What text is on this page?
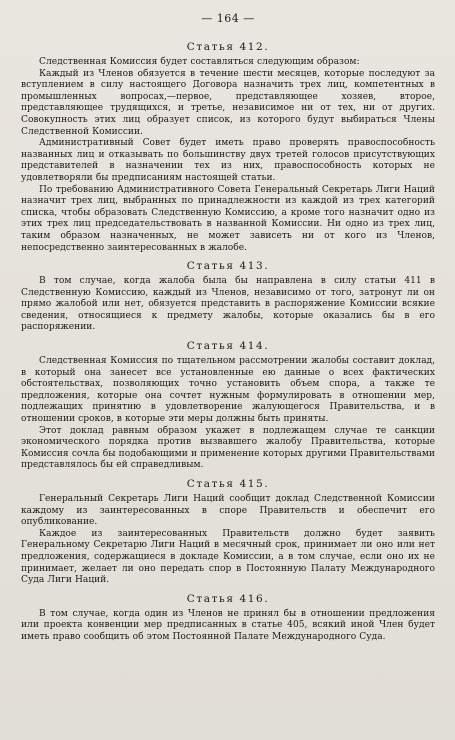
— 164 —
Статья 412.

Следственная Комиссия будет составляться следующим образом:

Каждый из Членов обязуется в течение шести месяцев, которые последуют за вступлением в силу настоящего Договора назначить трех лиц, компетентных в промышленных вопросах,—первое, представляющее хозяев, второе, представляющее трудящихся, и третье, независимое ни от тех, ни от других. Совокупность этих лиц образует список, из которого будут выбираться Члены Следственной Комиссии.

Административный Совет будет иметь право проверять правоспособность названных лиц и отказывать по большинству двух третей голосов присутствующих представителей в назначении тех из них, правоспособность которых не удовлетворяли бы предписаниям настоящей статьи.

По требованию Административного Совета Генеральный Секретарь Лиги Наций назначит трех лиц, выбранных по принадлежности из каждой из трех категорий списка, чтобы образовать Следственную Комиссию, а кроме того назначит одно из этих трех лиц председательствовать в названной Комиссии. Ни одно из трех лиц, таким образом назначенных, не может зависеть ни от кого из Членов, непосредственно заинтересованных в жалобе.

Статья 413.

В том случае, когда жалоба была бы направлена в силу статьи 411 в Следственную Комиссию, каждый из Членов, независимо от того, затронут ли он прямо жалобой или нет, обязуется представить в распоряжение Комиссии всякие сведения, относящиеся к предмету жалобы, которые оказались бы в его распоряжении.

Статья 414.

Следственная Комиссия по тщательном рассмотрении жалобы составит доклад, в который она занесет все установленные ею данные о всех фактических обстоятельствах, позволяющих точно установить объем спора, а также те предложения, которые она сочтет нужным формулировать в отношении мер, подлежащих принятию в удовлетворение жалующегося Правительства, и в отношении сроков, в которые эти меры должны быть приняты.

Этот доклад равным образом укажет в подлежащем случае те санкции экономического порядка против вызвавшего жалобу Правительства, которые Комиссия сочла бы подобающими и применение которых другими Правительствами представлялось бы ей справедливым.

Статья 415.

Генеральный Секретарь Лиги Наций сообщит доклад Следственной Комиссии каждому из заинтересованных в споре Правительств и обеспечит его опубликование.

Каждое из заинтересованных Правительств должно будет заявить Генеральному Секретарю Лиги Наций в месячный срок, принимает ли оно или нет предложения, содержащиеся в докладе Комиссии, а в том случае, если оно их не принимает, желает ли оно передать спор в Постоянную Палату Международного Суда Лиги Наций.

Статья 416.

В том случае, когда один из Членов не принял бы в отношении предложения или проекта конвенции мер предписанных в статье 405, всякий иной Член будет иметь право сообщить об этом Постоянной Палате Международного Суда.
